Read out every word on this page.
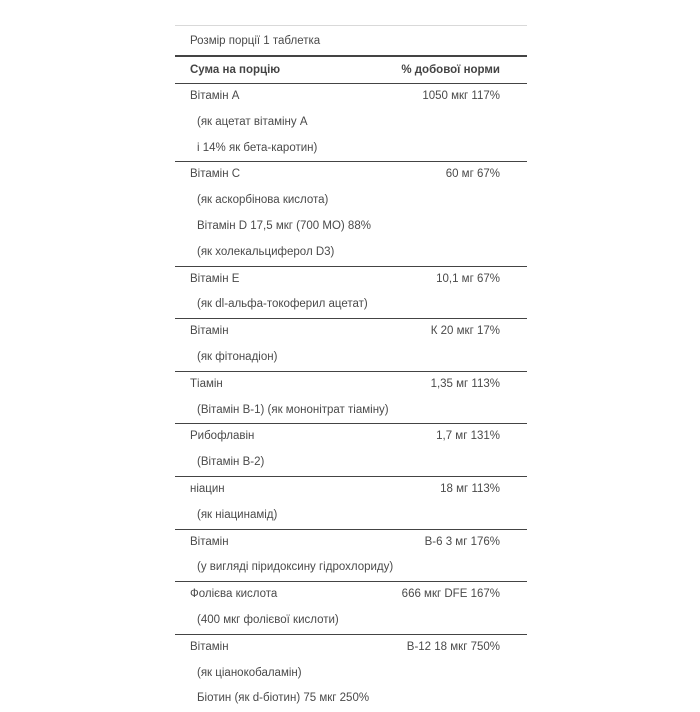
Розмір порції 1 таблетка
Сума на порцію	% добової норми
Вітамін А	1050 мкг 117%
(як ацетат вітаміну A
і 14% як бета-каротин)
Вітамін С	60 мг 67%
(як аскорбінова кислота)
Вітамін D 17,5 мкг (700 МО) 88%
(як холекальциферол D3)
Вітамін Е	10,1 мг 67%
(як dl-альфа-токоферил ацетат)
Вітамін	К 20 мкг 17%
(як фітонадіон)
Тіамін	1,35 мг 113%
(Вітамін В-1) (як мононітрат тіаміну)
Рибофлавін	1,7 мг 131%
(Вітамін В-2)
ніацин	18 мг 113%
(як ніацинамід)
Вітамін	В-6 3 мг 176%
(у вигляді піридоксину гідрохлориду)
Фолієва кислота	666 мкг DFE 167%
(400 мкг фолієвої кислоти)
Вітамін	В-12 18 мкг 750%
(як ціанокобаламін)
Біотин (як d-біотин) 75 мкг 250%
